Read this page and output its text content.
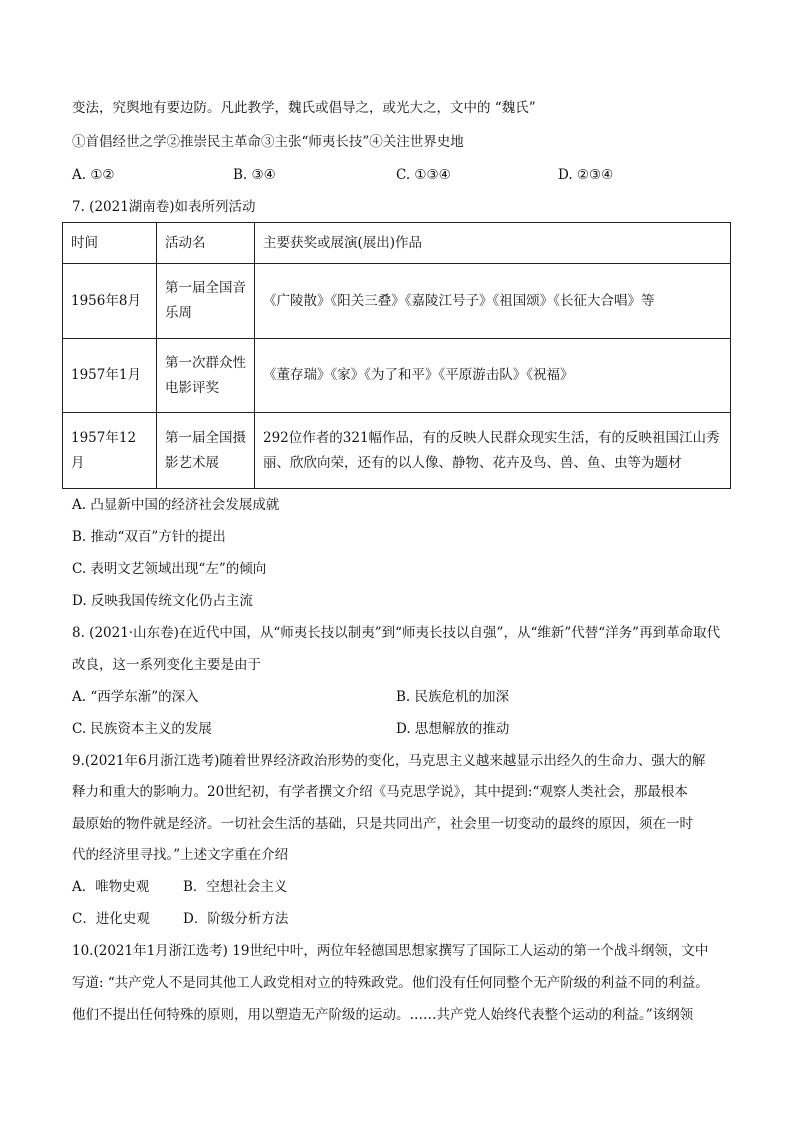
变法，究舆地有要边防。凡此教学，魏氏或倡导之，或光大之，文中的 “魏氏”
①首倡经世之学②推崇民主革命③主张“师夷长技”④关注世界史地
A. ①②	B. ③④	C. ①③④	D. ②③④
7. (2021湖南卷)如表所列活动
时间	活动名	主要获奖或展演(展出)作品
1956年8月	第一届全国音乐周	《广陵散》《阳关三叠》《嘉陵江号子》《祖国颂》《长征大合唱》等
1957年1月	第一次群众性电影评奖	《董存瑞》《家》《为了和平》《平原游击队》《祝福》
1957年12月	第一届全国摄影艺术展	292位作者的321幅作品，有的反映人民群众现实生活，有的反映祖国江山秀丽、欣欣向荣，还有的以人像、静物、花卉及鸟、兽、鱼、虫等为题材
A. 凸显新中国的经济社会发展成就
B. 推动“双百”方针的提出
C. 表明文艺领域出现“左”的倾向
D. 反映我国传统文化仍占主流
8. (2021·山东卷)在近代中国，从“师夷长技以制夷”到“师夷长技以自强”，从“维新”代替“洋务”再到革命取代
改良，这一系列变化主要是由于
A. “西学东渐”的深入	B. 民族危机的加深
C. 民族资本主义的发展	D. 思想解放的推动
9.(2021年6月浙江选考)随着世界经济政治形势的变化，马克思主义越来越显示出经久的生命力、强大的解
释力和重大的影响力。20世纪初，有学者撰文介绍《马克思学说》，其中提到:“观察人类社会，那最根本
最原始的物件就是经济。一切社会生活的基础，只是共同出产，社会里一切变动的最终的原因，须在一时
代的经济里寻找。”上述文字重在介绍
A．唯物史观	B．空想社会主义
C．进化史观 D．阶级分析方法
10.(2021年1月浙江选考) 19世纪中叶，两位年轻德国思想家撰写了国际工人运动的第一个战斗纲领，文中
写道: “共产党人不是同其他工人政党相对立的特殊政党。他们没有任何同整个无产阶级的利益不同的利益。
他们不提出任何特殊的原则，用以塑造无产阶级的运动。……共产党人始终代表整个运动的利益。”该纲领
